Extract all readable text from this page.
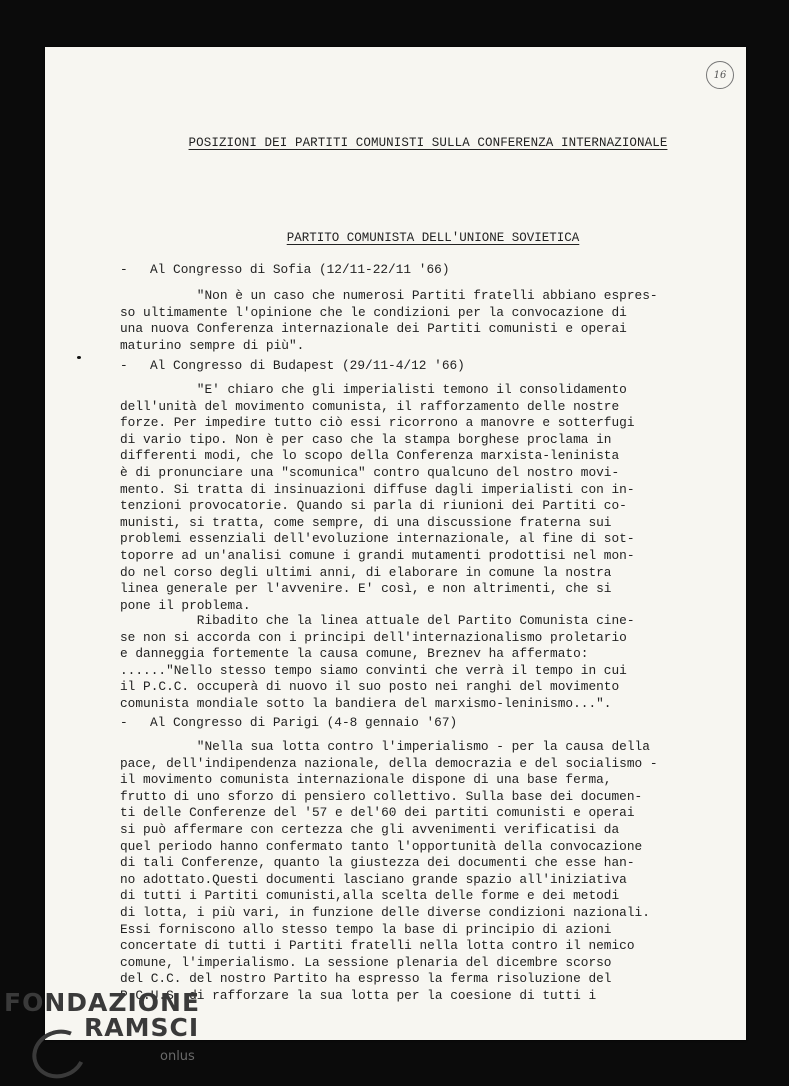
16
POSIZIONI DEI PARTITI COMUNISTI SULLA CONFERENZA INTERNAZIONALE
PARTITO COMUNISTA DELL'UNIONE SOVIETICA
- Al Congresso di Sofia (12/11-22/11 '66)
"Non è un caso che numerosi Partiti fratelli abbiano espres-
so ultimamente l'opinione che le condizioni per la convocazione di
una nuova Conferenza internazionale dei Partiti comunisti e operai
maturino sempre di più".
- Al Congresso di Budapest (29/11-4/12 '66)
"E' chiaro che gli imperialisti temono il consolidamento
dell'unità del movimento comunista, il rafforzamento delle nostre
forze. Per impedire tutto ciò essi ricorrono a manovre e sotterfugi
di vario tipo. Non è per caso che la stampa borghese proclama in
differenti modi, che lo scopo della Conferenza marxista-leninista
è di pronunciare una "scomunica" contro qualcuno del nostro movi-
mento. Si tratta di insinuazioni diffuse dagli imperialisti con in-
tenzioni provocatorie. Quando si parla di riunioni dei Partiti co-
munisti, si tratta, come sempre, di una discussione fraterna sui
problemi essenziali dell'evoluzione internazionale, al fine di sot-
toporre ad un'analisi comune i grandi mutamenti prodottisi nel mon-
do nel corso degli ultimi anni, di elaborare in comune la nostra
linea generale per l'avvenire. E' così, e non altrimenti, che si
pone il problema.
Ribadito che la linea attuale del Partito Comunista cine-
se non si accorda con i principi dell'internazionalismo proletario
e danneggia fortemente la causa comune, Breznev ha affermato:
......"Nello stesso tempo siamo convinti che verrà il tempo in cui
il P.C.C. occuperà di nuovo il suo posto nei ranghi del movimento
comunista mondiale sotto la bandiera del marxismo-leninismo...".
- Al Congresso di Parigi (4-8 gennaio '67)
"Nella sua lotta contro l'imperialismo - per la causa della
pace, dell'indipendenza nazionale, della democrazia e del socialismo -
il movimento comunista internazionale dispone di una base ferma,
frutto di uno sforzo di pensiero collettivo. Sulla base dei documen-
ti delle Conferenze del '57 e del'60 dei partiti comunisti e operai
si può affermare con certezza che gli avvenimenti verificatisi da
quel periodo hanno confermato tanto l'opportunità della convocazione
di tali Conferenze, quanto la giustezza dei documenti che esse han-
no adottato.Questi documenti lasciano grande spazio all'iniziativa
di tutti i Partiti comunisti,alla scelta delle forme e dei metodi
di lotta, i più vari, in funzione delle diverse condizioni nazionali.
Essi forniscono allo stesso tempo la base di principio di azioni
concertate di tutti i Partiti fratelli nella lotta contro il nemico
comune, l'imperialismo. La sessione plenaria del dicembre scorso
del C.C. del nostro Partito ha espresso la ferma risoluzione del
P.C.U.S. di rafforzare la sua lotta per la coesione di tutti i
FONDAZIONE
RAMSCI
onlus
